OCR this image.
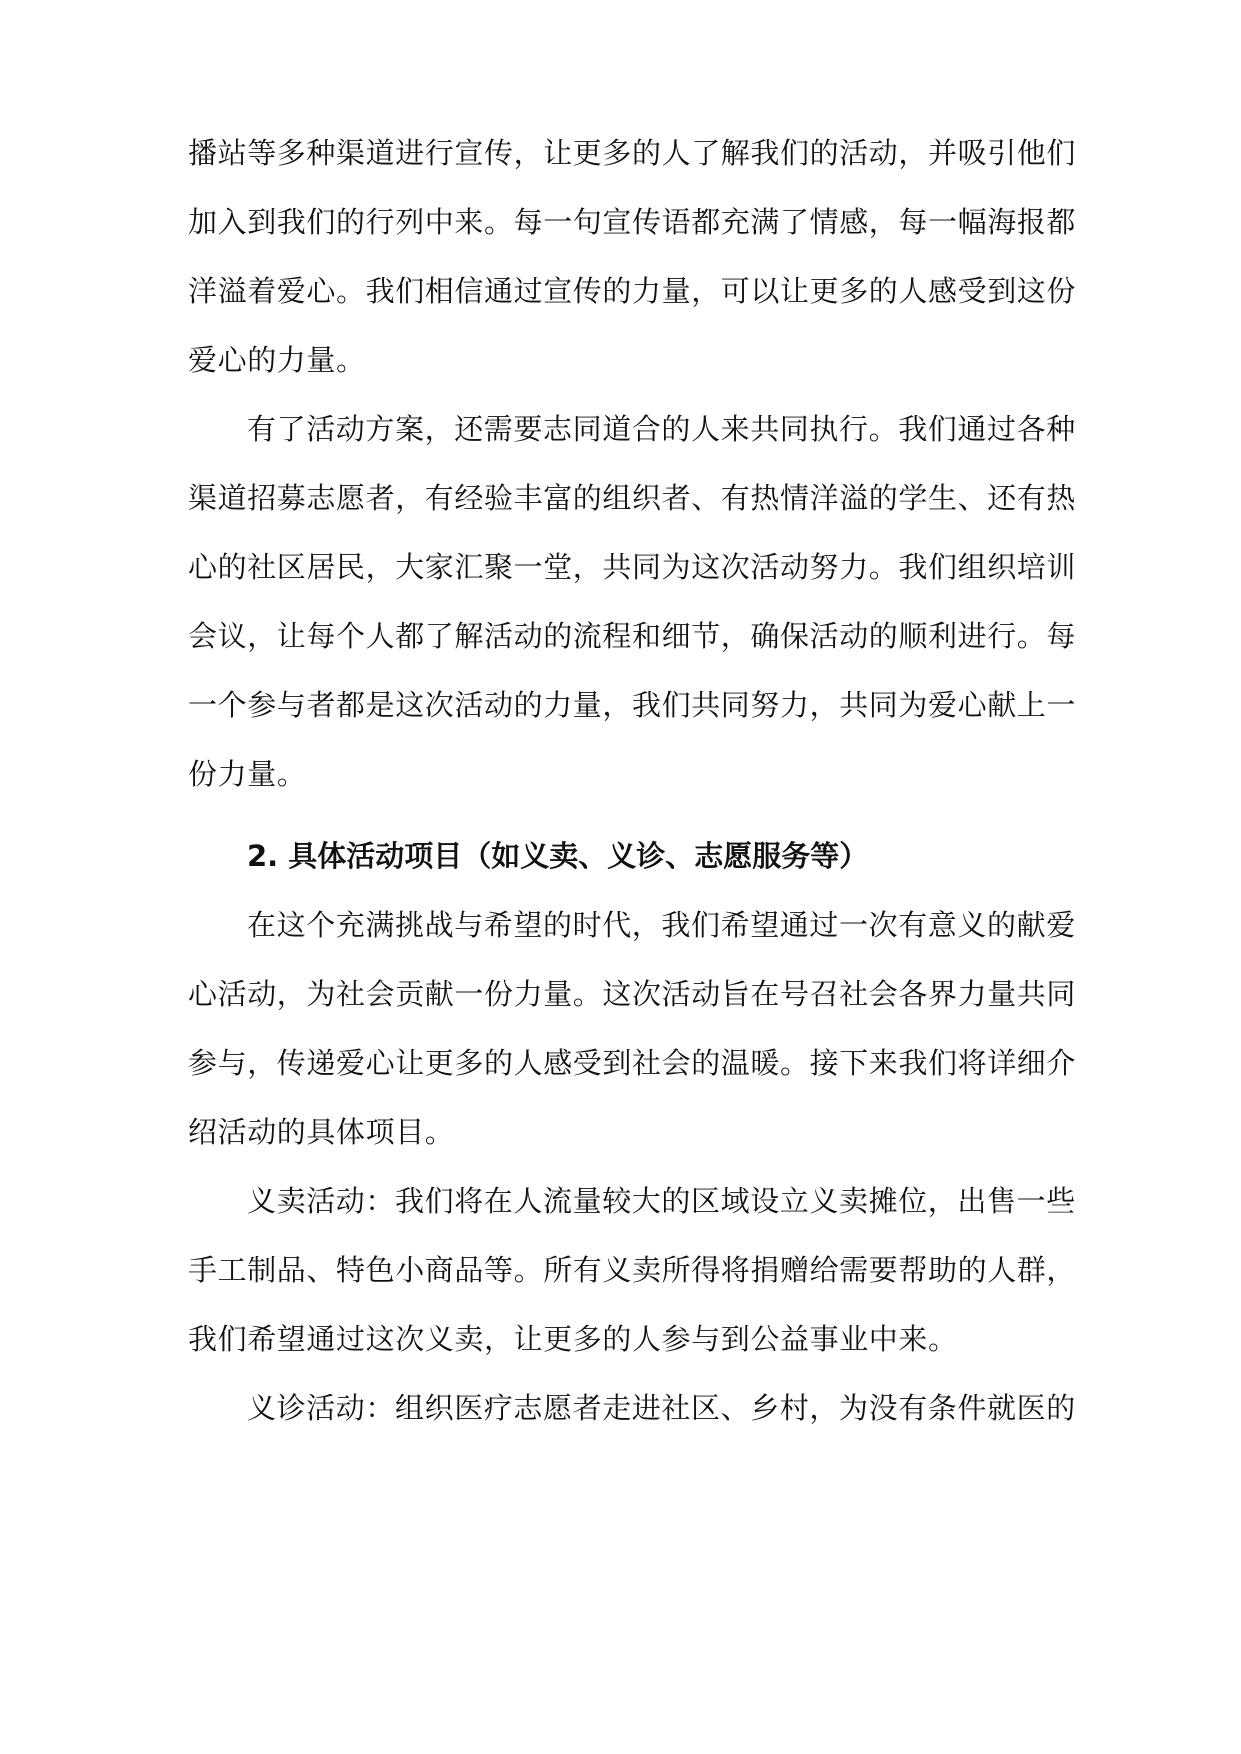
播站等多种渠道进行宣传，让更多的人了解我们的活动，并吸引他们
加入到我们的行列中来。每一句宣传语都充满了情感，每一幅海报都
洋溢着爱心。我们相信通过宣传的力量，可以让更多的人感受到这份
爱心的力量。
有了活动方案，还需要志同道合的人来共同执行。我们通过各种
渠道招募志愿者，有经验丰富的组织者、有热情洋溢的学生、还有热
心的社区居民，大家汇聚一堂，共同为这次活动努力。我们组织培训
会议，让每个人都了解活动的流程和细节，确保活动的顺利进行。每
一个参与者都是这次活动的力量，我们共同努力，共同为爱心献上一
份力量。
2. 具体活动项目（如义卖、义诊、志愿服务等）
在这个充满挑战与希望的时代，我们希望通过一次有意义的献爱
心活动，为社会贡献一份力量。这次活动旨在号召社会各界力量共同
参与，传递爱心让更多的人感受到社会的温暖。接下来我们将详细介
绍活动的具体项目。
义卖活动：我们将在人流量较大的区域设立义卖摊位，出售一些
手工制品、特色小商品等。所有义卖所得将捐赠给需要帮助的人群，
我们希望通过这次义卖，让更多的人参与到公益事业中来。
义诊活动：组织医疗志愿者走进社区、乡村，为没有条件就医的
